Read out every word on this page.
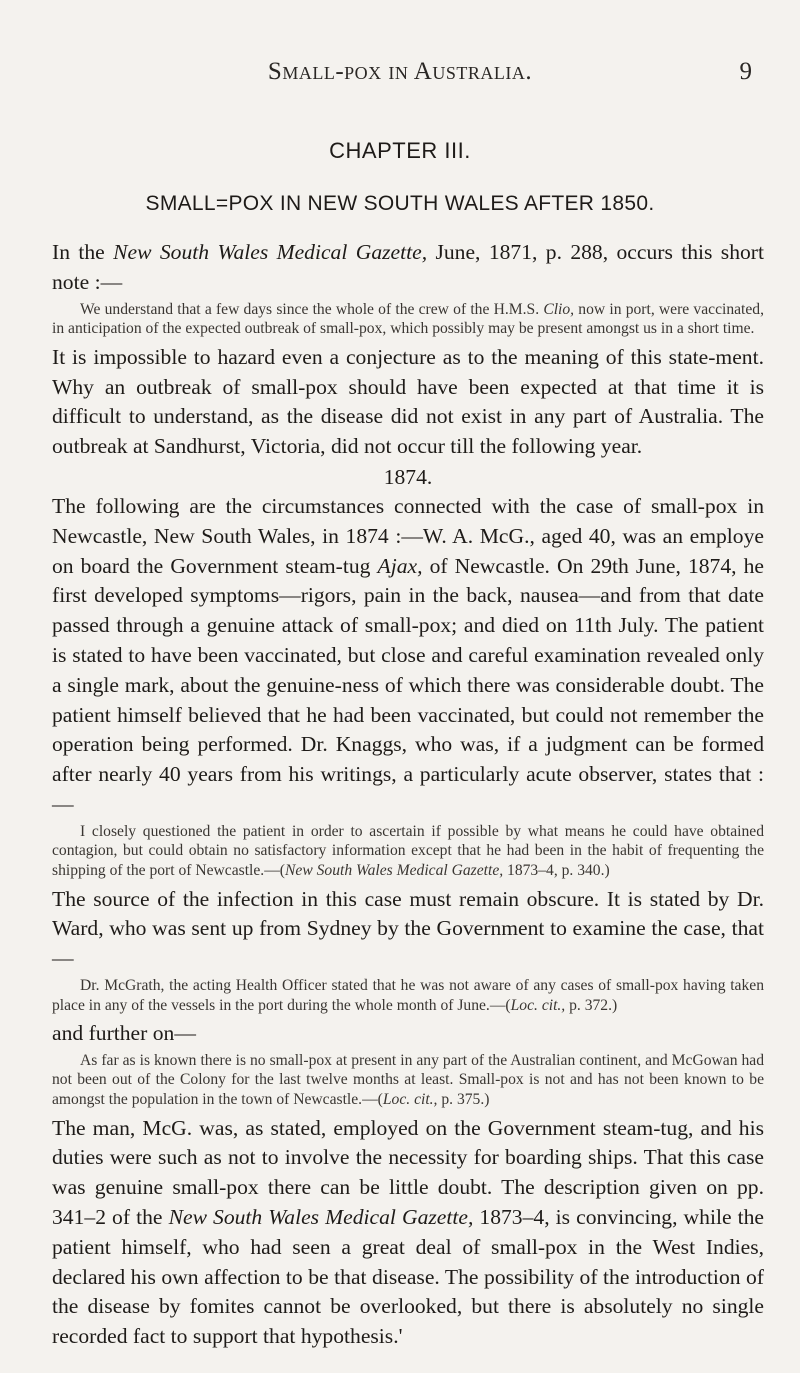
Small-pox in Australia.	9
CHAPTER III.
SMALL=POX IN NEW SOUTH WALES AFTER 1850.

In the New South Wales Medical Gazette, June, 1871, p. 288, occurs this short note :—

We understand that a few days since the whole of the crew of the H.M.S. Clio, now in port, were vaccinated, in anticipation of the expected outbreak of small-pox, which possibly may be present amongst us in a short time.

It is impossible to hazard even a conjecture as to the meaning of this state-ment. Why an outbreak of small-pox should have been expected at that time it is difficult to understand, as the disease did not exist in any part of Australia. The outbreak at Sandhurst, Victoria, did not occur till the following year.

1874.

The following are the circumstances connected with the case of small-pox in Newcastle, New South Wales, in 1874 :—W. A. McG., aged 40, was an employe on board the Government steam-tug Ajax, of Newcastle. On 29th June, 1874, he first developed symptoms—rigors, pain in the back, nausea—and from that date passed through a genuine attack of small-pox; and died on 11th July. The patient is stated to have been vaccinated, but close and careful examination revealed only a single mark, about the genuine-ness of which there was considerable doubt. The patient himself believed that he had been vaccinated, but could not remember the operation being performed. Dr. Knaggs, who was, if a judgment can be formed after nearly 40 years from his writings, a particularly acute observer, states that :—

I closely questioned the patient in order to ascertain if possible by what means he could have obtained contagion, but could obtain no satisfactory information except that he had been in the habit of frequenting the shipping of the port of Newcastle.—(New South Wales Medical Gazette, 1873–4, p. 340.)

The source of the infection in this case must remain obscure. It is stated by Dr. Ward, who was sent up from Sydney by the Government to examine the case, that—

Dr. McGrath, the acting Health Officer stated that he was not aware of any cases of small-pox having taken place in any of the vessels in the port during the whole month of June.—(Loc. cit., p. 372.)

and further on—

As far as is known there is no small-pox at present in any part of the Australian continent, and McGowan had not been out of the Colony for the last twelve months at least. Small-pox is not and has not been known to be amongst the population in the town of Newcastle.—(Loc. cit., p. 375.)

The man, McG. was, as stated, employed on the Government steam-tug, and his duties were such as not to involve the necessity for boarding ships. That this case was genuine small-pox there can be little doubt. The description given on pp. 341–2 of the New South Wales Medical Gazette, 1873–4, is convincing, while the patient himself, who had seen a great deal of small-pox in the West Indies, declared his own affection to be that disease. The possibility of the introduction of the disease by fomites cannot be overlooked, but there is absolutely no single recorded fact to support that hypothesis.'
